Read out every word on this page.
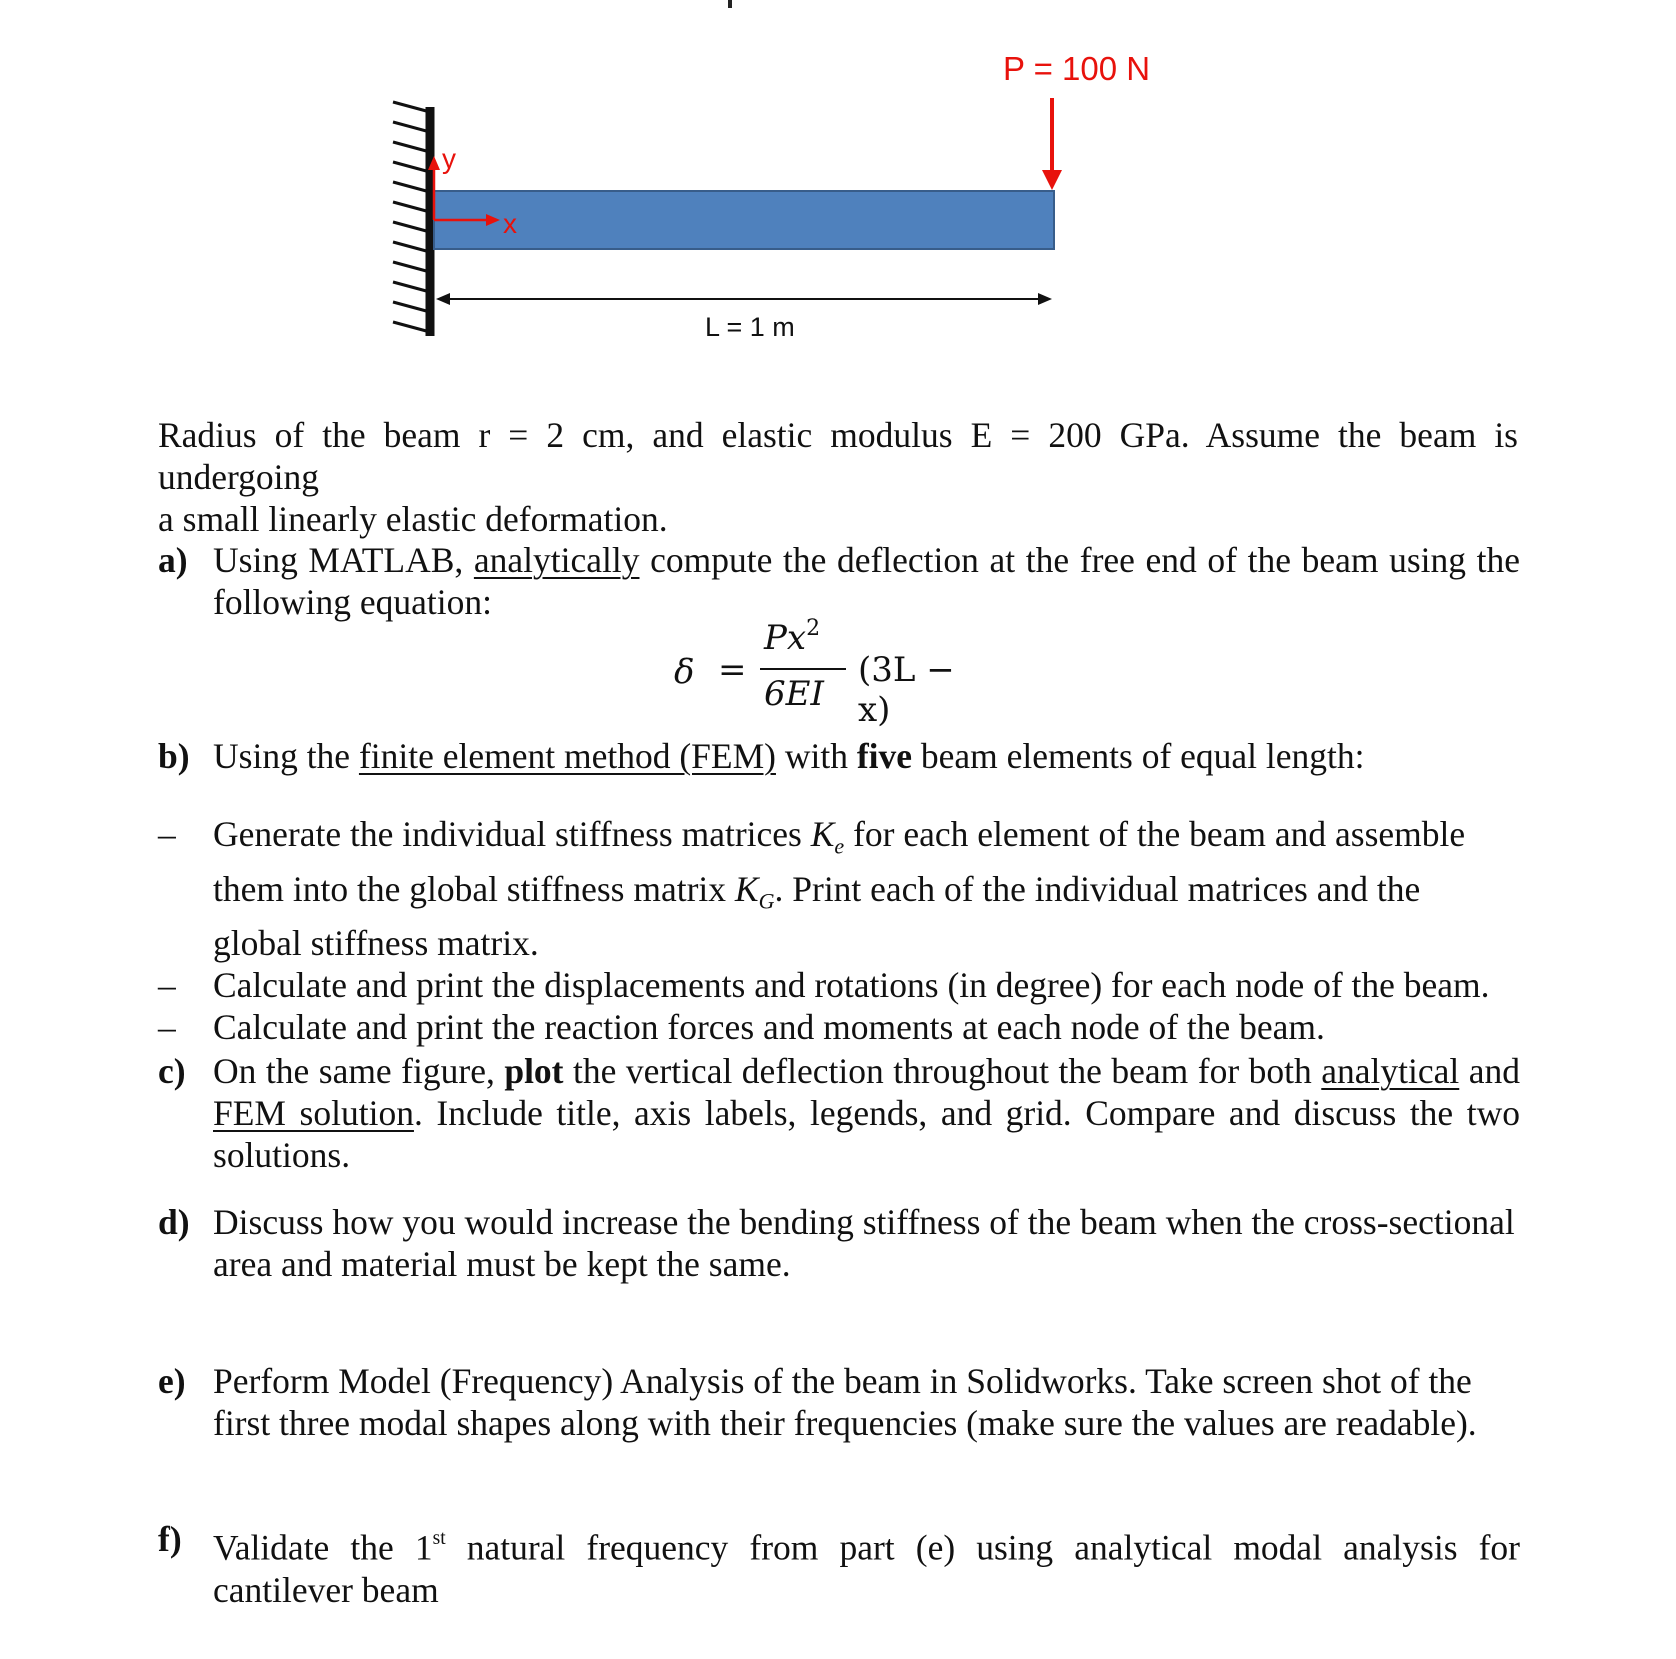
y
x
P = 100 N
L = 1 m
Radius of the beam r = 2 cm, and elastic modulus E = 200 GPa. Assume the beam is undergoing
a small linearly elastic deformation.
a) Using MATLAB, analytically compute the deflection at the free end of the beam using the
following equation:
δ =
$Px^2$
6EI
(3L − x)
b) Using the finite element method (FEM) with five beam elements of equal length:
– Generate the individual stiffness matrices $K_e$ for each element of the beam and assemble
them into the global stiffness matrix $K_G$. Print each of the individual matrices and the
global stiffness matrix.
– Calculate and print the displacements and rotations (in degree) for each node of the beam.
– Calculate and print the reaction forces and moments at each node of the beam.
c) On the same figure, plot the vertical deflection throughout the beam for both analytical and FEM solution. Include title, axis labels, legends, and grid. Compare and discuss the two solutions.
d) Discuss how you would increase the bending stiffness of the beam when the cross-sectional
area and material must be kept the same.
e) Perform Model (Frequency) Analysis of the beam in Solidworks. Take screen shot of the
first three modal shapes along with their frequencies (make sure the values are readable).
f) Validate the 1st natural frequency from part (e) using analytical modal analysis for
cantilever beam
